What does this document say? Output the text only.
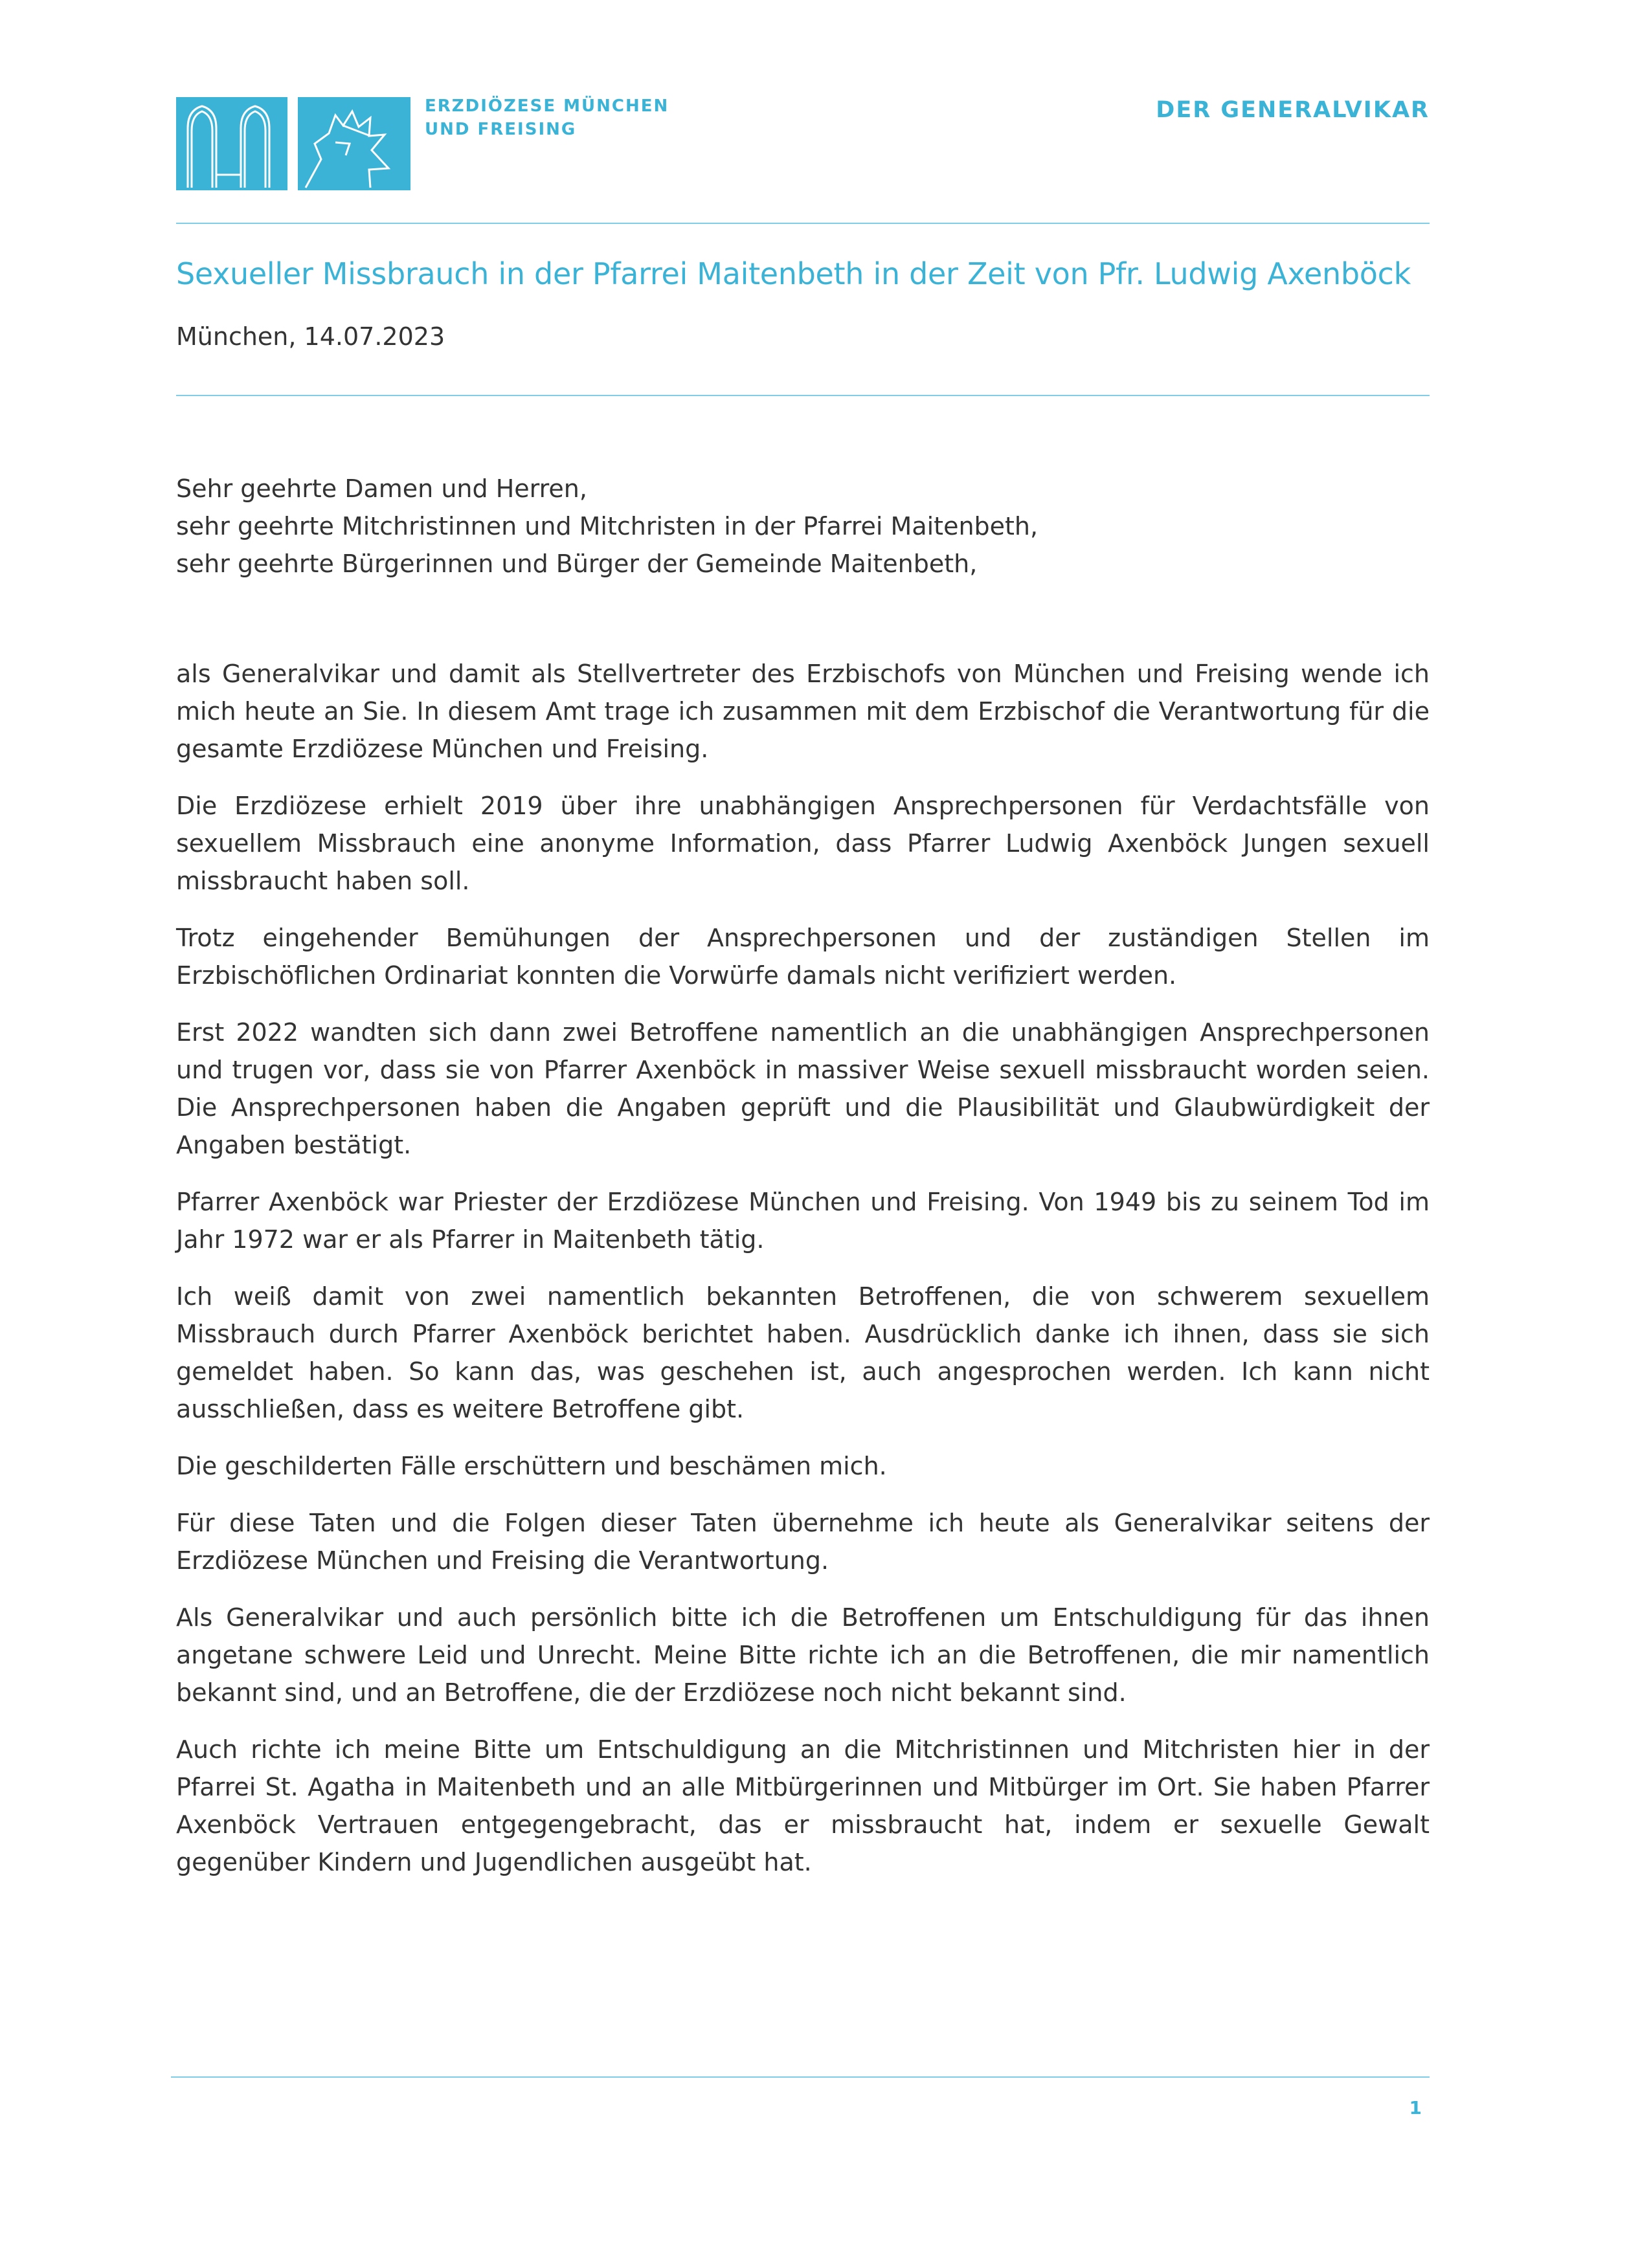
ERZDIÖZESE MÜNCHEN
UND FREISING
DER GENERALVIKAR
Sexueller Missbrauch in der Pfarrei Maitenbeth in der Zeit von Pfr. Ludwig Axenböck
München, 14.07.2023

Sehr geehrte Damen und Herren,

sehr geehrte Mitchristinnen und Mitchristen in der Pfarrei Maitenbeth,

sehr geehrte Bürgerinnen und Bürger der Gemeinde Maitenbeth,

als Generalvikar und damit als Stellvertreter des Erzbischofs von München und Freising wende ich mich heute an Sie. In diesem Amt trage ich zusammen mit dem Erzbischof die Verantwortung für die gesamte Erzdiözese München und Freising.

Die Erzdiözese erhielt 2019 über ihre unabhängigen Ansprechpersonen für Verdachtsfälle von sexuellem Missbrauch eine anonyme Information, dass Pfarrer Ludwig Axenböck Jungen sexuell missbraucht haben soll.

Trotz eingehender Bemühungen der Ansprechpersonen und der zuständigen Stellen im Erzbischöflichen Ordinariat konnten die Vorwürfe damals nicht verifiziert werden.

Erst 2022 wandten sich dann zwei Betroffene namentlich an die unabhängigen Ansprechpersonen und trugen vor, dass sie von Pfarrer Axenböck in massiver Weise sexuell missbraucht worden seien. Die Ansprechpersonen haben die Angaben geprüft und die Plausibilität und Glaubwürdigkeit der Angaben bestätigt.

Pfarrer Axenböck war Priester der Erzdiözese München und Freising. Von 1949 bis zu seinem Tod im Jahr 1972 war er als Pfarrer in Maitenbeth tätig.

Ich weiß damit von zwei namentlich bekannten Betroffenen, die von schwerem sexuellem Missbrauch durch Pfarrer Axenböck berichtet haben. Ausdrücklich danke ich ihnen, dass sie sich gemeldet haben. So kann das, was geschehen ist, auch angesprochen werden. Ich kann nicht ausschließen, dass es weitere Betroffene gibt.

Die geschilderten Fälle erschüttern und beschämen mich.

Für diese Taten und die Folgen dieser Taten übernehme ich heute als Generalvikar seitens der Erzdiözese München und Freising die Verantwortung.

Als Generalvikar und auch persönlich bitte ich die Betroffenen um Entschuldigung für das ihnen angetane schwere Leid und Unrecht. Meine Bitte richte ich an die Betroffenen, die mir namentlich bekannt sind, und an Betroffene, die der Erzdiözese noch nicht bekannt sind.

Auch richte ich meine Bitte um Entschuldigung an die Mitchristinnen und Mitchristen hier in der Pfarrei St. Agatha in Maitenbeth und an alle Mitbürgerinnen und Mitbürger im Ort. Sie haben Pfarrer Axenböck Vertrauen entgegengebracht, das er missbraucht hat, indem er sexuelle Gewalt gegenüber Kindern und Jugendlichen ausgeübt hat.

1
